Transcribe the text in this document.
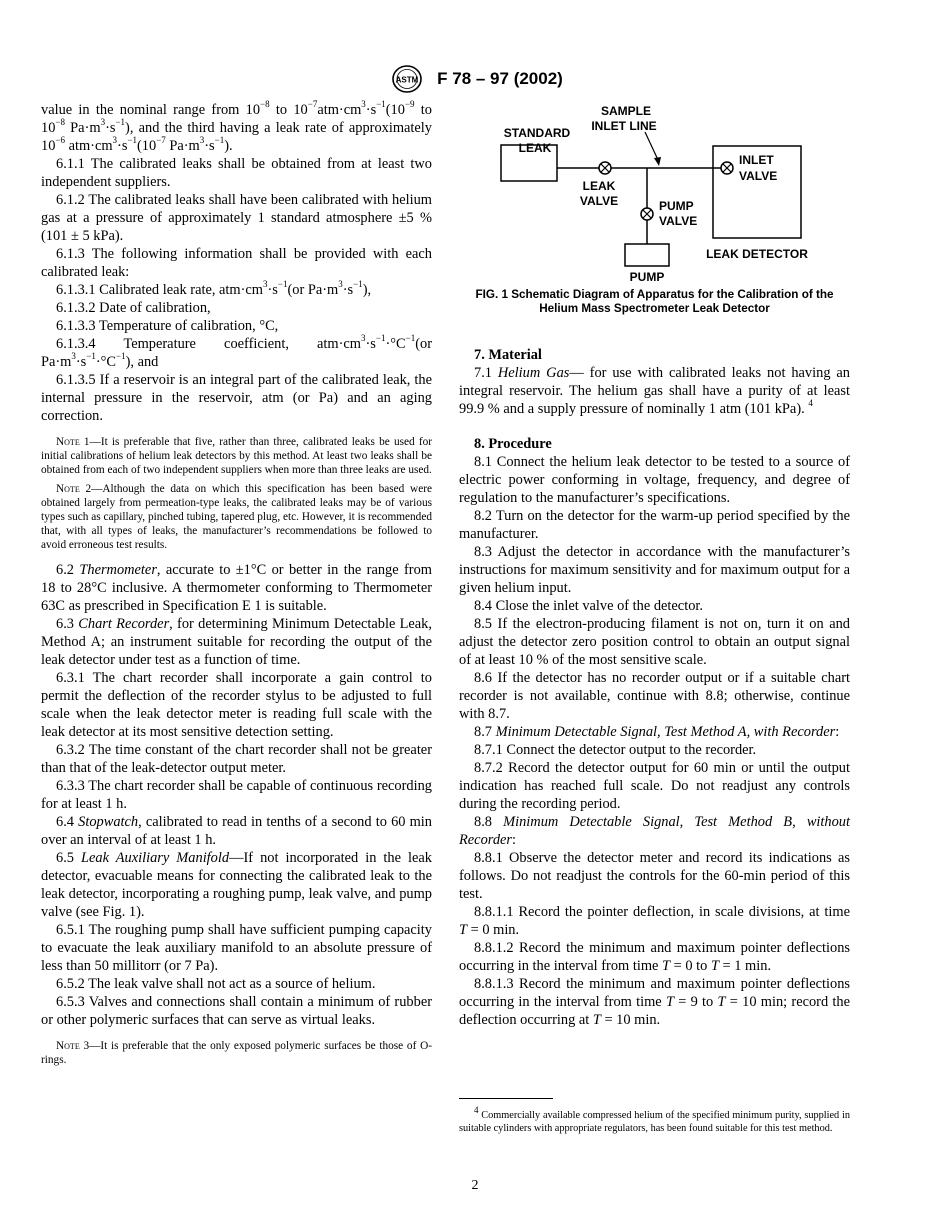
ASTM F 78 – 97 (2002)

value in the nominal range from $10^{-8}$ to $10^{-7}atm\cdot cm^3\cdot s^{-1}(10^{-9}$ to $10^{-8}$ $Pa\cdot m^3\cdot s^{-1}$), and the third having a leak rate of approximately $10^{-6}$ $atm\cdot cm^3\cdot s^{-1}(10^{-7}$ $Pa\cdot m^3\cdot s^{-1}$).

6.1.1 The calibrated leaks shall be obtained from at least two independent suppliers.

6.1.2 The calibrated leaks shall have been calibrated with helium gas at a pressure of approximately 1 standard atmosphere ±5 % (101 ± 5 kPa).

6.1.3 The following information shall be provided with each calibrated leak:

6.1.3.1 Calibrated leak rate, $atm\cdot cm^3\cdot s^{-1}(or$ $Pa\cdot m^3\cdot s^{-1}$),

6.1.3.2 Date of calibration,

6.1.3.3 Temperature of calibration, °C,

6.1.3.4 Temperature coefficient, $atm\cdot cm^3\cdot s^{-1}\cdot^\circ C^{-1}(or$ $Pa\cdot m^3\cdot s^{-1}\cdot^\circ C^{-1}$), and

6.1.3.5 If a reservoir is an integral part of the calibrated leak, the internal pressure in the reservoir, atm (or Pa) and an aging correction.

Note 1—It is preferable that five, rather than three, calibrated leaks be used for initial calibrations of helium leak detectors by this method. At least two leaks shall be obtained from each of two independent suppliers when more than three leaks are used.

Note 2—Although the data on which this specification has been based were obtained largely from permeation-type leaks, the calibrated leaks may be of various types such as capillary, pinched tubing, tapered plug, etc. However, it is recommended that, with all types of leaks, the manufacturer’s recommendations be followed to avoid erroneous test results.

6.2 Thermometer, accurate to ±1°C or better in the range from 18 to 28°C inclusive. A thermometer conforming to Thermometer 63C as prescribed in Specification E 1 is suitable.

6.3 Chart Recorder, for determining Minimum Detectable Leak, Method A; an instrument suitable for recording the output of the leak detector under test as a function of time.

6.3.1 The chart recorder shall incorporate a gain control to permit the deflection of the recorder stylus to be adjusted to full scale when the leak detector meter is reading full scale with the leak detector at its most sensitive detection setting.

6.3.2 The time constant of the chart recorder shall not be greater than that of the leak-detector output meter.

6.3.3 The chart recorder shall be capable of continuous recording for at least 1 h.

6.4 Stopwatch, calibrated to read in tenths of a second to 60 min over an interval of at least 1 h.

6.5 Leak Auxiliary Manifold—If not incorporated in the leak detector, evacuable means for connecting the calibrated leak to the leak detector, incorporating a roughing pump, leak valve, and pump valve (see Fig. 1).

6.5.1 The roughing pump shall have sufficient pumping capacity to evacuate the leak auxiliary manifold to an absolute pressure of less than 50 millitorr (or 7 Pa).

6.5.2 The leak valve shall not act as a source of helium.

6.5.3 Valves and connections shall contain a minimum of rubber or other polymeric surfaces that can serve as virtual leaks.

Note 3—It is preferable that the only exposed polymeric surfaces be those of O-rings.

SAMPLE
INLET LINE
STANDARD
LEAK
LEAK
VALVE	PUMP
VALVE
INLET
VALVE
LEAK DETECTOR
PUMP
FIG. 1 Schematic Diagram of Apparatus for the Calibration of the
Helium Mass Spectrometer Leak Detector

7. Material

7.1 Helium Gas— for use with calibrated leaks not having an integral reservoir. The helium gas shall have a purity of at least 99.9 % and a supply pressure of nominally 1 atm (101 kPa). $^4$

8. Procedure

8.1 Connect the helium leak detector to be tested to a source of electric power conforming in voltage, frequency, and degree of regulation to the manufacturer’s specifications.

8.2 Turn on the detector for the warm-up period specified by the manufacturer.

8.3 Adjust the detector in accordance with the manufacturer’s instructions for maximum sensitivity and for maximum output for a given helium input.

8.4 Close the inlet valve of the detector.

8.5 If the electron-producing filament is not on, turn it on and adjust the detector zero position control to obtain an output signal of at least 10 % of the most sensitive scale.

8.6 If the detector has no recorder output or if a suitable chart recorder is not available, continue with 8.8; otherwise, continue with 8.7.

8.7 Minimum Detectable Signal, Test Method A, with Recorder:

8.7.1 Connect the detector output to the recorder.

8.7.2 Record the detector output for 60 min or until the output indication has reached full scale. Do not readjust any controls during the recording period.

8.8 Minimum Detectable Signal, Test Method B, without Recorder:

8.8.1 Observe the detector meter and record its indications as follows. Do not readjust the controls for the 60-min period of this test.

8.8.1.1 Record the pointer deflection, in scale divisions, at time T = 0 min.

8.8.1.2 Record the minimum and maximum pointer deflections occurring in the interval from time T = 0 to T = 1 min.

8.8.1.3 Record the minimum and maximum pointer deflections occurring in the interval from time T = 9 to T = 10 min; record the deflection occurring at T = 10 min.

$^4$ Commercially available compressed helium of the specified minimum purity, supplied in suitable cylinders with appropriate regulators, has been found suitable for this test method.
2
